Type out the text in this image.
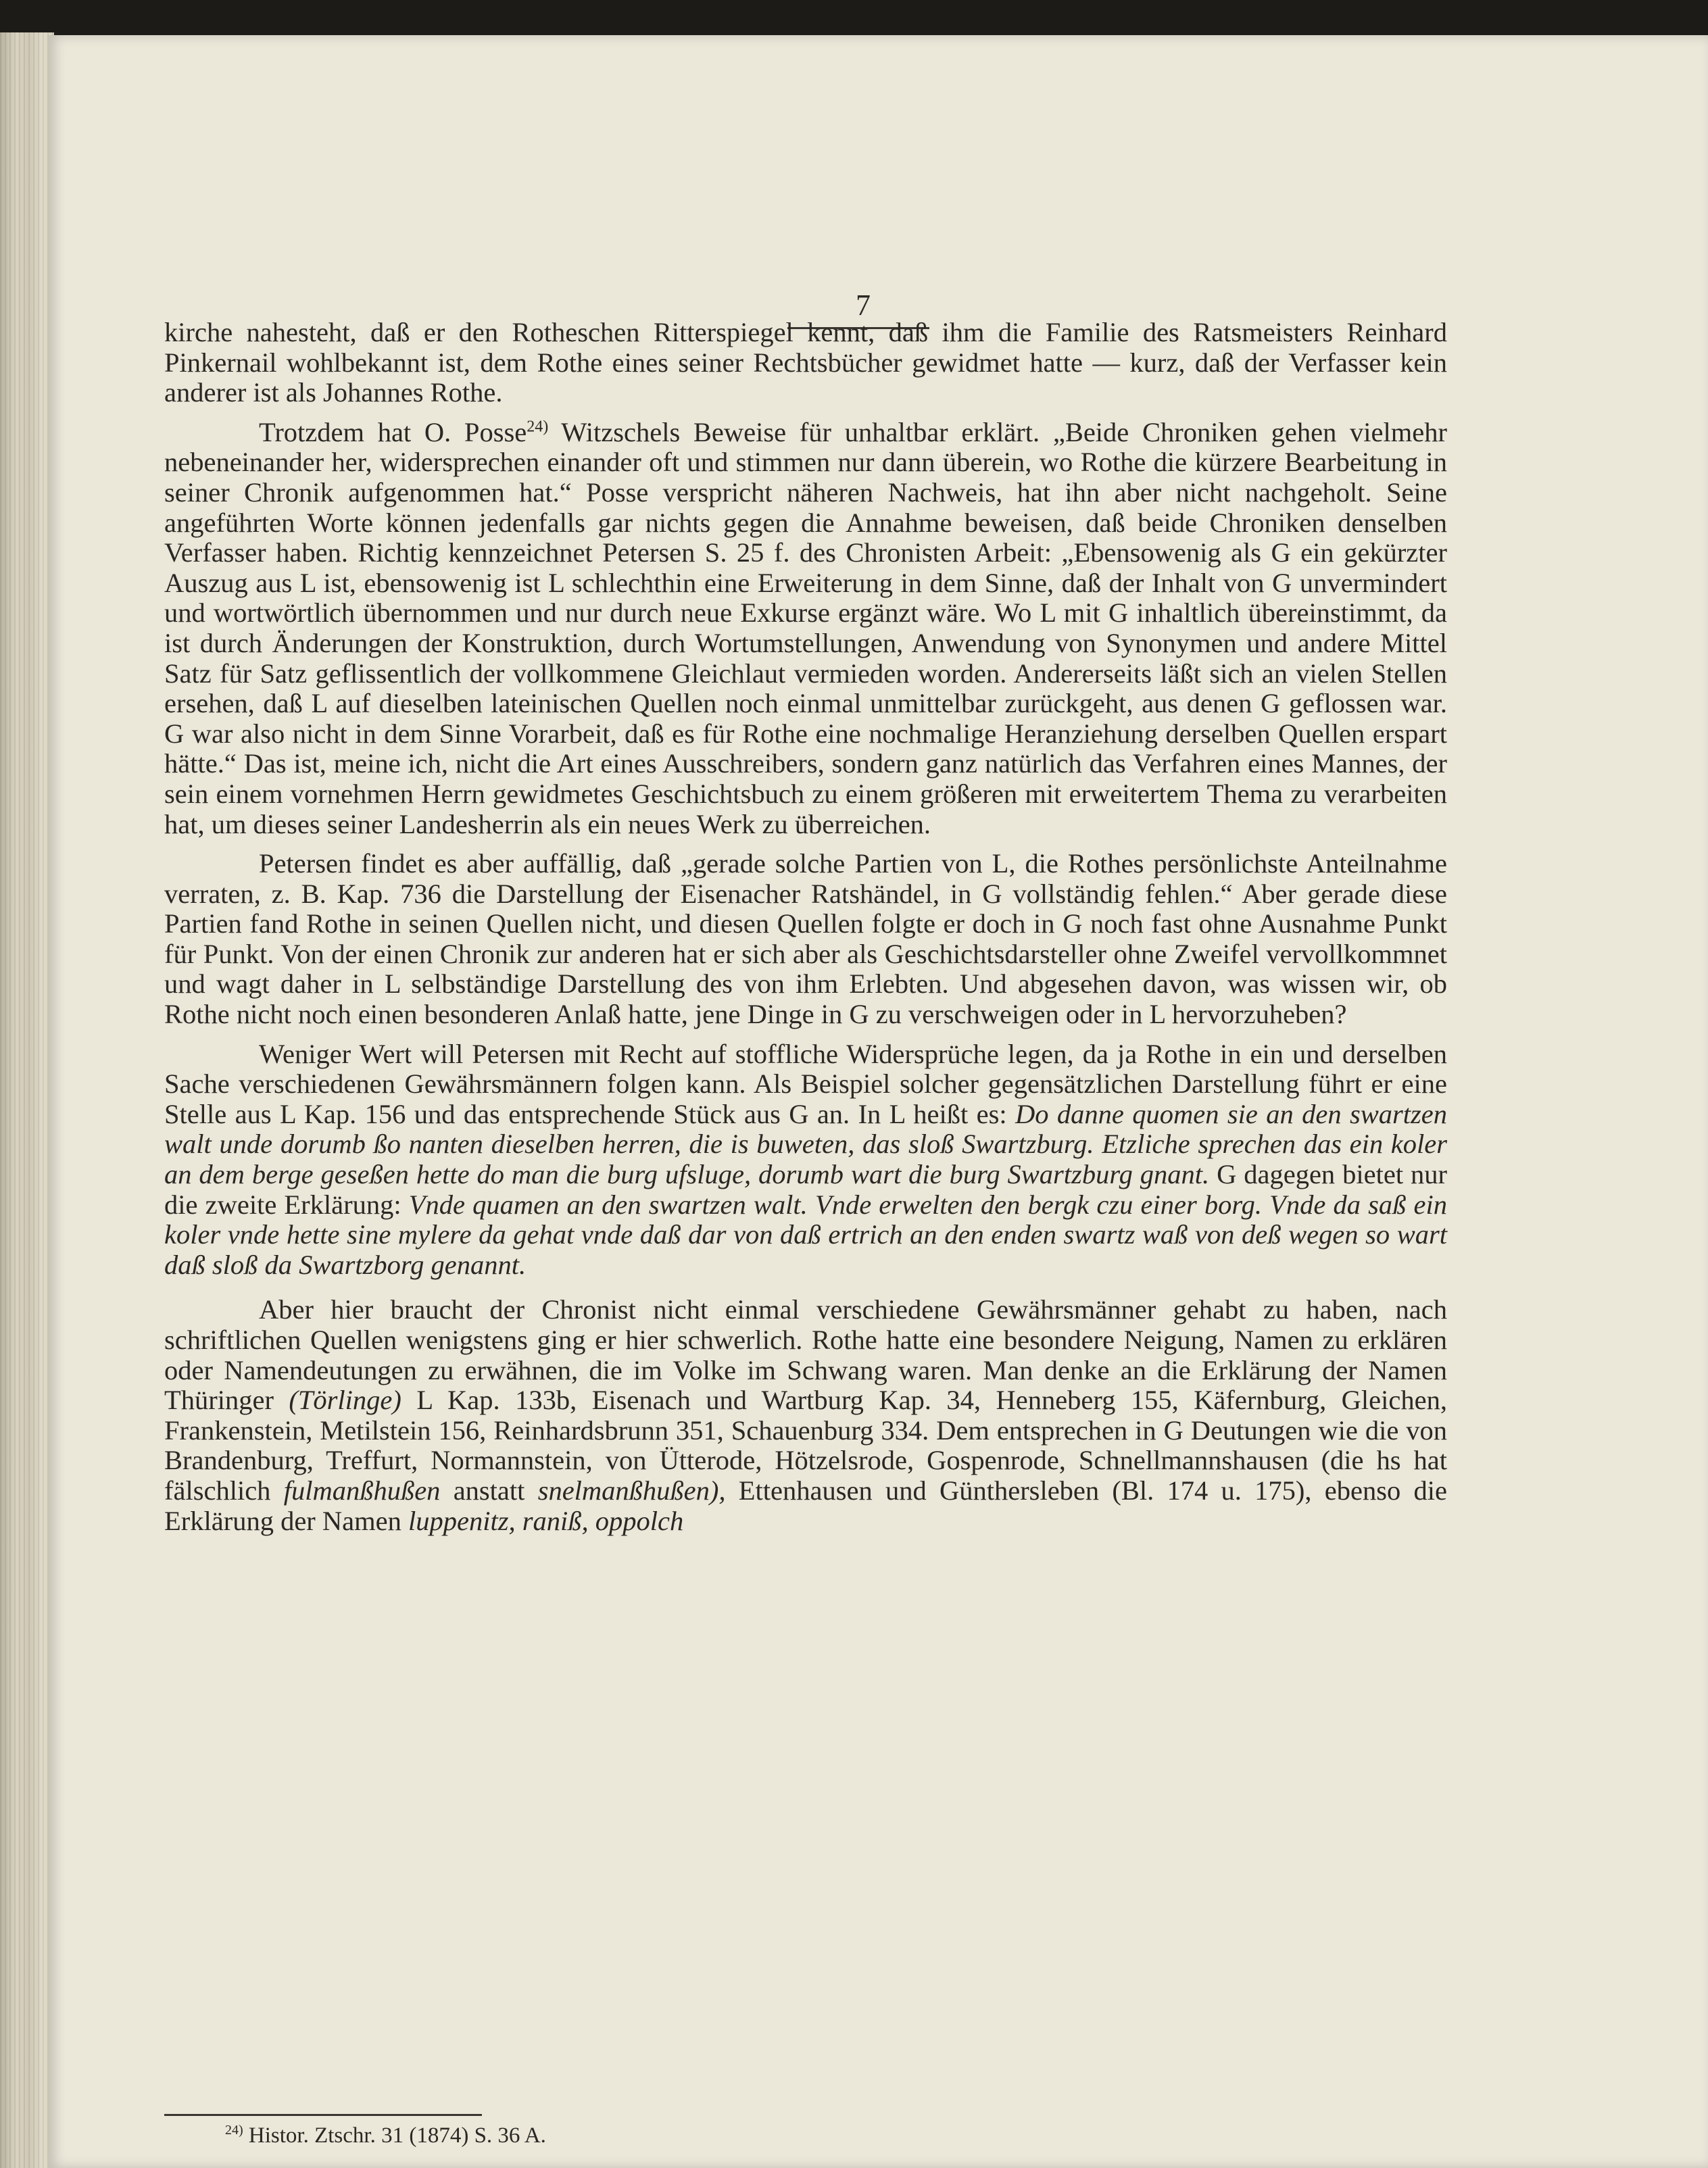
7

kirche nahesteht, daß er den Rotheschen Ritterspiegel kennt, daß ihm die Familie des Ratsmeisters Reinhard Pinkernail wohlbekannt ist, dem Rothe eines seiner Rechtsbücher gewidmet hatte — kurz, daß der Verfasser kein anderer ist als Johannes Rothe.

Trotzdem hat O. Posse$^{24)}$ Witzschels Beweise für unhaltbar erklärt. „Beide Chroniken gehen vielmehr nebeneinander her, widersprechen einander oft und stimmen nur dann überein, wo Rothe die kürzere Bearbeitung in seiner Chronik aufgenommen hat.“ Posse verspricht näheren Nachweis, hat ihn aber nicht nachgeholt. Seine angeführten Worte können jedenfalls gar nichts gegen die Annahme beweisen, daß beide Chroniken denselben Verfasser haben. Richtig kennzeichnet Petersen S. 25 f. des Chronisten Arbeit: „Ebensowenig als G ein gekürzter Auszug aus L ist, ebensowenig ist L schlechthin eine Erweiterung in dem Sinne, daß der Inhalt von G unvermindert und wortwörtlich übernommen und nur durch neue Exkurse ergänzt wäre. Wo L mit G inhaltlich übereinstimmt, da ist durch Änderungen der Konstruktion, durch Wortumstellungen, Anwendung von Synonymen und andere Mittel Satz für Satz geflissentlich der vollkommene Gleichlaut vermieden worden. Andererseits läßt sich an vielen Stellen ersehen, daß L auf dieselben lateinischen Quellen noch einmal unmittelbar zurückgeht, aus denen G geflossen war. G war also nicht in dem Sinne Vorarbeit, daß es für Rothe eine nochmalige Heranziehung derselben Quellen erspart hätte.“ Das ist, meine ich, nicht die Art eines Ausschreibers, sondern ganz natürlich das Verfahren eines Mannes, der sein einem vornehmen Herrn gewidmetes Geschichtsbuch zu einem größeren mit erweitertem Thema zu verarbeiten hat, um dieses seiner Landesherrin als ein neues Werk zu überreichen.

Petersen findet es aber auffällig, daß „gerade solche Partien von L, die Rothes persönlichste Anteilnahme verraten, z. B. Kap. 736 die Darstellung der Eisenacher Ratshändel, in G vollständig fehlen.“ Aber gerade diese Partien fand Rothe in seinen Quellen nicht, und diesen Quellen folgte er doch in G noch fast ohne Ausnahme Punkt für Punkt. Von der einen Chronik zur anderen hat er sich aber als Geschichtsdarsteller ohne Zweifel vervollkommnet und wagt daher in L selbständige Darstellung des von ihm Erlebten. Und abgesehen davon, was wissen wir, ob Rothe nicht noch einen besonderen Anlaß hatte, jene Dinge in G zu verschweigen oder in L hervorzuheben?

Weniger Wert will Petersen mit Recht auf stoffliche Widersprüche legen, da ja Rothe in ein und derselben Sache verschiedenen Gewährsmännern folgen kann. Als Beispiel solcher gegensätzlichen Darstellung führt er eine Stelle aus L Kap. 156 und das entsprechende Stück aus G an. In L heißt es: Do danne quomen sie an den swartzen walt unde dorumb ßo nanten dieselben herren, die is buweten, das sloß Swartzburg. Etzliche sprechen das ein koler an dem berge geseßen hette do man die burg ufsluge, dorumb wart die burg Swartzburg gnant. G dagegen bietet nur die zweite Erklärung: Vnde quamen an den swartzen walt. Vnde erwelten den bergk czu einer borg. Vnde da saß ein koler vnde hette sine mylere da gehat vnde daß dar von daß ertrich an den enden swartz waß von deß wegen so wart daß sloß da Swartzborg genannt.

Aber hier braucht der Chronist nicht einmal verschiedene Gewährsmänner gehabt zu haben, nach schriftlichen Quellen wenigstens ging er hier schwerlich. Rothe hatte eine besondere Neigung, Namen zu erklären oder Namendeutungen zu erwähnen, die im Volke im Schwang waren. Man denke an die Erklärung der Namen Thüringer (Törlinge) L Kap. 133b, Eisenach und Wartburg Kap. 34, Henneberg 155, Käfernburg, Gleichen, Frankenstein, Metilstein 156, Reinhardsbrunn 351, Schauenburg 334. Dem entsprechen in G Deutungen wie die von Brandenburg, Treffurt, Normannstein, von Ütterode, Hötzelsrode, Gospenrode, Schnellmannshausen (die hs hat fälschlich fulmanßhußen anstatt snelmanßhußen), Ettenhausen und Günthersleben (Bl. 174 u. 175), ebenso die Erklärung der Namen luppenitz, raniß, oppolch

$^{24)}$ Histor. Ztschr. 31 (1874) S. 36 A.
